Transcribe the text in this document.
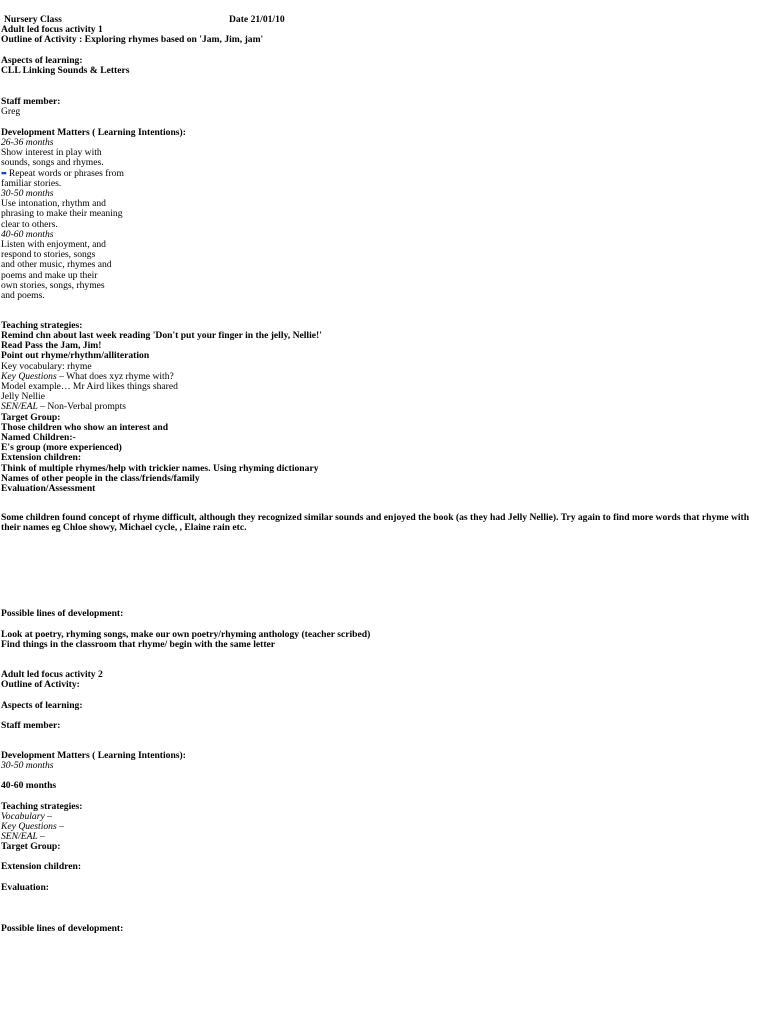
Nursery Class	Date 21/01/10
Adult led focus activity 1
Outline of Activity : Exploring rhymes based on 'Jam, Jim, jam'
Aspects of learning:
CLL Linking Sounds & Letters
Staff member:
Greg
Development Matters ( Learning Intentions):
26-36 months
Show interest in play with
sounds, songs and rhymes.
▪▪ Repeat words or phrases from
familiar stories.
30-50 months
Use intonation, rhythm and
phrasing to make their meaning
clear to others.
40-60 months
Listen with enjoyment, and
respond to stories, songs
and other music, rhymes and
poems and make up their
own stories, songs, rhymes
and poems.
Teaching strategies:
Remind chn about last week reading 'Don't put your finger in the jelly, Nellie!'
Read Pass the Jam, Jim!
Point out rhyme/rhythm/alliteration
Key vocabulary: rhyme
Key Questions – What does xyz rhyme with?
Model example… Mr Aird likes things shared
Jelly Nellie
SEN/EAL – Non-Verbal prompts
Target Group:
Those children who show an interest and
Named Children:-
E's group (more experienced)
Extension children:
Think of multiple rhymes/help with trickier names. Using rhyming dictionary
Names of other people in the class/friends/family
Evaluation/Assessment
Some children found concept of rhyme difficult, although they recognized similar sounds and enjoyed the book (as they had Jelly Nellie). Try again to find more words that rhyme with
their names eg Chloe showy, Michael cycle, , Elaine rain etc.
Possible lines of development:
Look at poetry, rhyming songs, make our own poetry/rhyming anthology (teacher scribed)
Find things in the classroom that rhyme/ begin with the same letter
Adult led focus activity 2
Outline of Activity:
Aspects of learning:
Staff member:
Development Matters ( Learning Intentions):
30-50 months
40-60 months
Teaching strategies:
Vocabulary –
Key Questions –
SEN/EAL –
Target Group:
Extension children:
Evaluation:
Possible lines of development:
